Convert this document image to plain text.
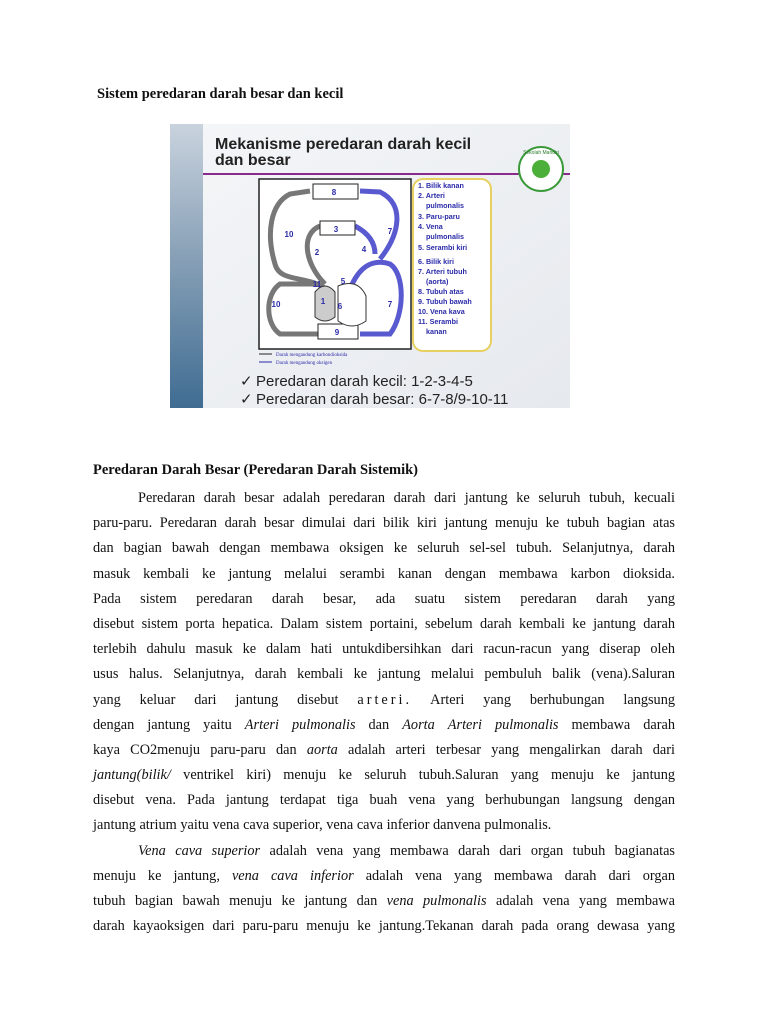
Sistem peredaran darah besar dan kecil
Mekanisme peredaran darah kecil
dan besar	Sekolah Mandiri
8
3
10
2	4
7
11 5
1
6
10	7
9
1. Bilik kanan
2. Arteri
pulmonalis
3. Paru-paru
4. Vena
pulmonalis
5. Serambi kiri
6. Bilik kiri
7. Arteri tubuh
(aorta)
8. Tubuh atas
9. Tubuh bawah
10. Vena kava
11. Serambi
kanan
Darah mengandung karbondioksida
Darah mengandung oksigen
✓ Peredaran darah kecil: 1-2-3-4-5
✓ Peredaran darah besar: 6-7-8/9-10-11
Peredaran Darah Besar (Peredaran Darah Sistemik)
Peredaran darah besar adalah peredaran darah dari jantung ke seluruh tubuh, kecuali
paru-paru. Peredaran darah besar dimulai dari bilik kiri jantung menuju ke tubuh bagian atas
dan bagian bawah dengan membawa oksigen ke seluruh sel-sel tubuh. Selanjutnya, darah
masuk kembali ke jantung melalui serambi kanan dengan membawa karbon dioksida.
Pada sistem peredaran darah besar, ada suatu sistem peredaran darah yang
disebut sistem porta hepatica. Dalam sistem portaini, sebelum darah kembali ke jantung darah
terlebih dahulu masuk ke dalam hati untukdibersihkan dari racun-racun yang diserap oleh
usus halus. Selanjutnya, darah kembali ke jantung melalui pembuluh balik (vena).Saluran
yang keluar dari jantung disebut arteri. Arteri yang berhubungan langsung
dengan jantung yaitu Arteri pulmonalis dan Aorta Arteri pulmonalis membawa darah
kaya CO2menuju paru-paru dan aorta adalah arteri terbesar yang mengalirkan darah dari
jantung(bilik/ ventrikel kiri) menuju ke seluruh tubuh.Saluran yang menuju ke jantung
disebut vena. Pada jantung terdapat tiga buah vena yang berhubungan langsung dengan
jantung atrium yaitu vena cava superior, vena cava inferior danvena pulmonalis.
Vena cava superior adalah vena yang membawa darah dari organ tubuh bagianatas
menuju ke jantung, vena cava inferior adalah vena yang membawa darah dari organ
tubuh bagian bawah menuju ke jantung dan vena pulmonalis adalah vena yang membawa
darah kayaoksigen dari paru-paru menuju ke jantung.Tekanan darah pada orang dewasa yang
